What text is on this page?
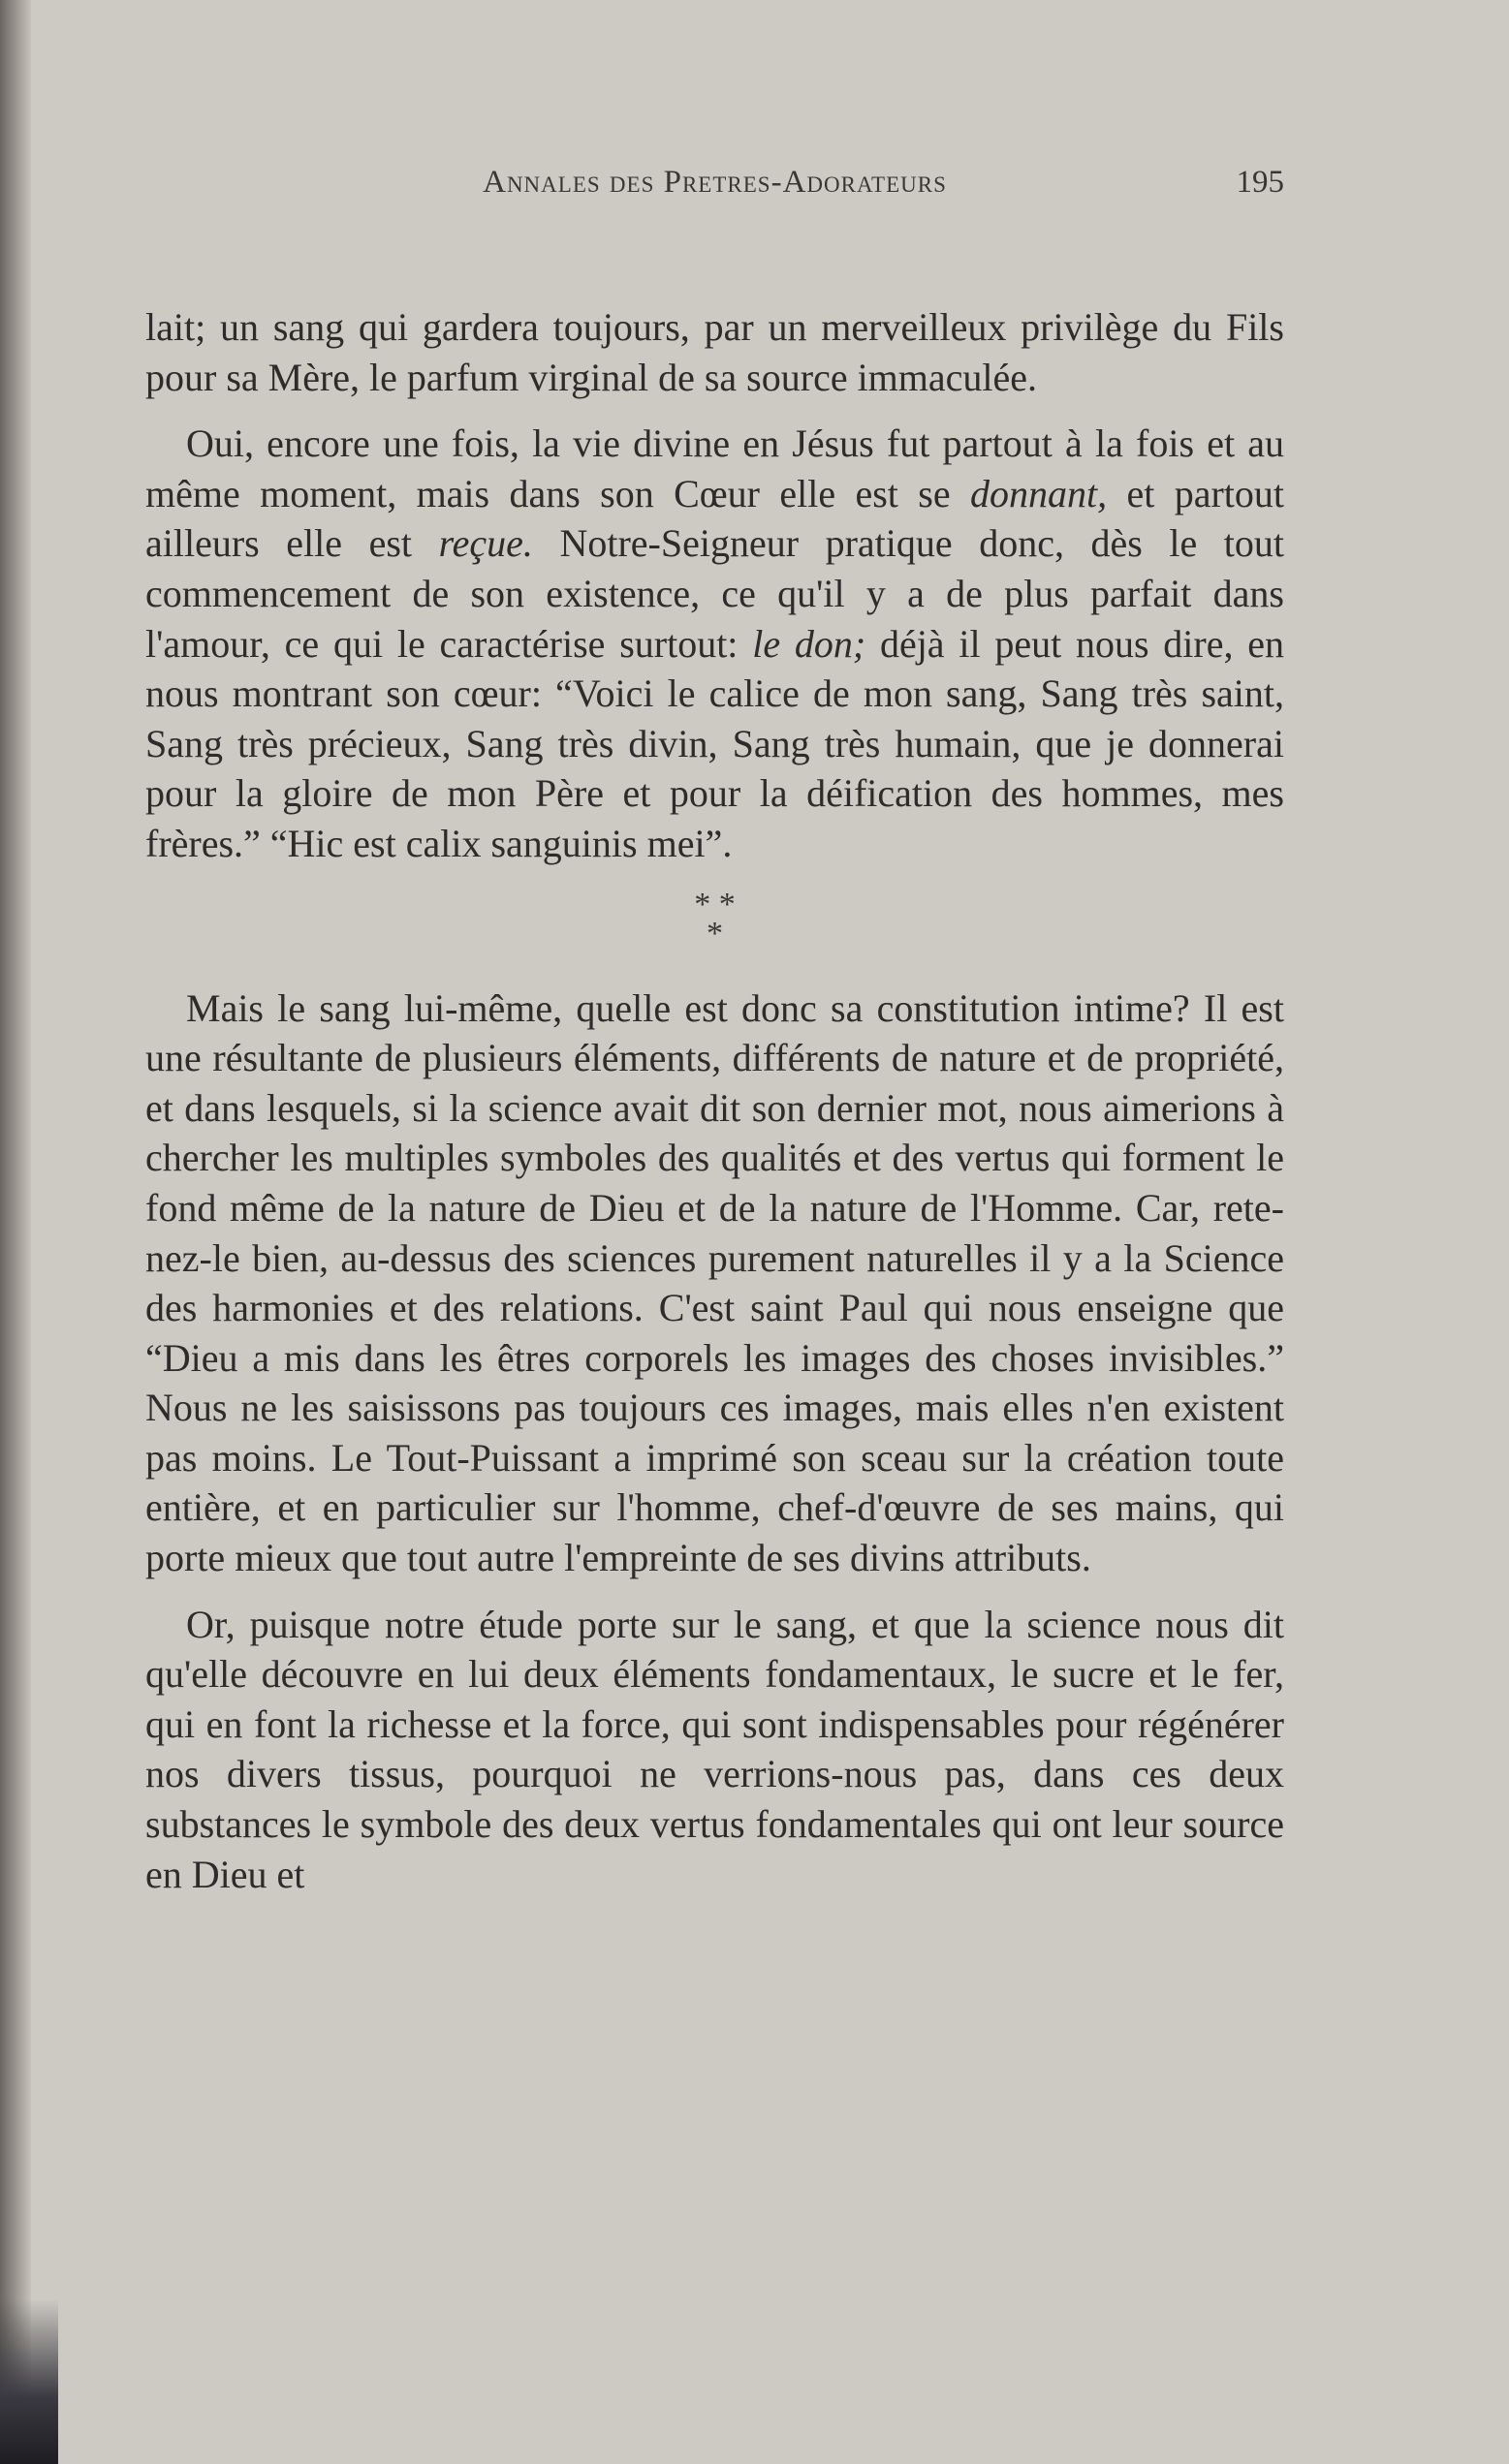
Annales des Pretres-Adorateurs	195

lait; un sang qui gardera toujours, par un merveilleux privilège du Fils pour sa Mère, le parfum virginal de sa source immaculée.

Oui, encore une fois, la vie divine en Jésus fut partout à la fois et au même moment, mais dans son Cœur elle est se donnant, et partout ailleurs elle est reçue. Notre-Seigneur pratique donc, dès le tout commencement de son existence, ce qu'il y a de plus parfait dans l'amour, ce qui le caractérise surtout: le don; déjà il peut nous dire, en nous montrant son cœur: “Voici le calice de mon sang, Sang très saint, Sang très précieux, Sang très divin, Sang très humain, que je donnerai pour la gloire de mon Père et pour la déification des hommes, mes frères.” “Hic est calix sanguinis mei”.

* *
*

Mais le sang lui-même, quelle est donc sa constitution intime? Il est une résultante de plusieurs éléments, différents de nature et de propriété, et dans lesquels, si la science avait dit son dernier mot, nous aimerions à chercher les multiples symboles des qualités et des vertus qui forment le fond même de la nature de Dieu et de la nature de l'Homme. Car, retenez-le bien, au-dessus des sciences purement naturelles il y a la Science des harmonies et des relations. C'est saint Paul qui nous enseigne que “Dieu a mis dans les êtres corporels les images des choses invisibles.” Nous ne les saisissons pas toujours ces images, mais elles n'en existent pas moins. Le Tout-Puissant a imprimé son sceau sur la création toute entière, et en particulier sur l'homme, chef-d'œuvre de ses mains, qui porte mieux que tout autre l'empreinte de ses divins attributs.

Or, puisque notre étude porte sur le sang, et que la science nous dit qu'elle découvre en lui deux éléments fondamentaux, le sucre et le fer, qui en font la richesse et la force, qui sont indispensables pour régénérer nos divers tissus, pourquoi ne verrions-nous pas, dans ces deux substances le symbole des deux vertus fondamentales qui ont leur source en Dieu et
